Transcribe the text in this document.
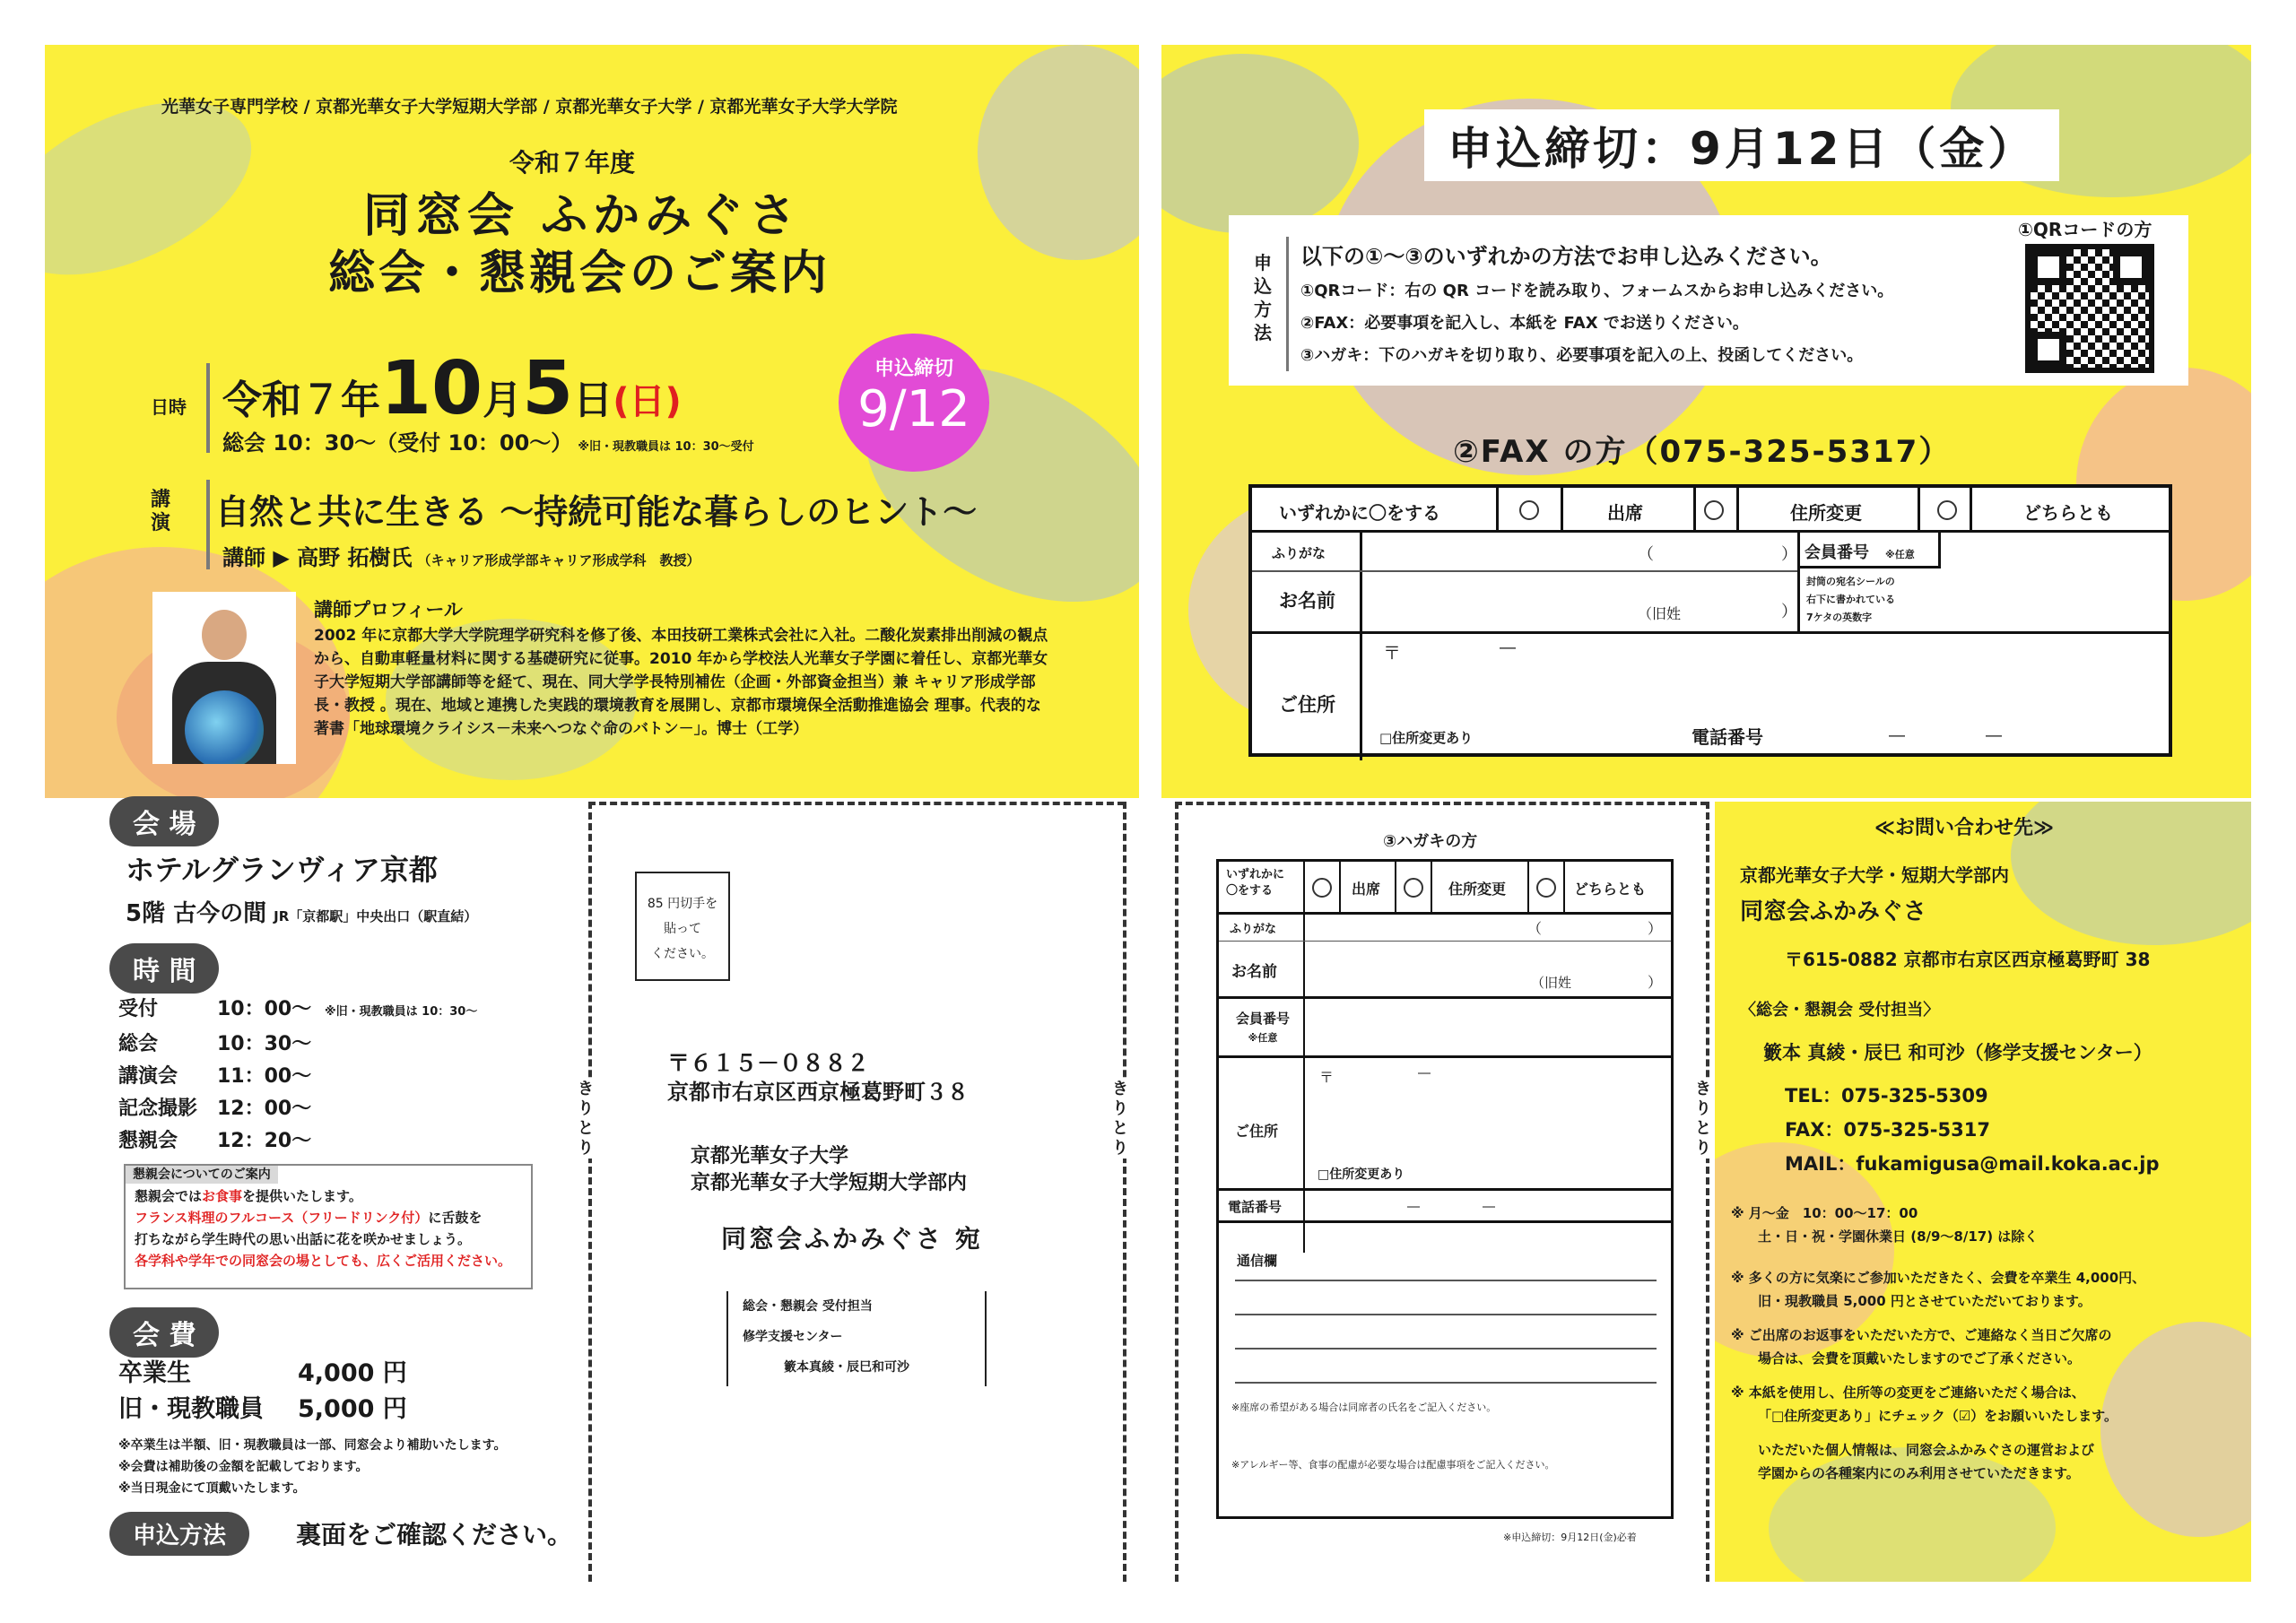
光華女子専門学校 / 京都光華女子大学短期大学部 / 京都光華女子大学 / 京都光華女子大学大学院
令和７年度
同窓会 ふかみぐさ
総会・懇親会のご案内
日時 令和７年10月5日(日)
総会 10：30～（受付 10：00～） ※旧・現教職員は 10：30～受付
申込締切
9/12
講演 自然と共に生きる 〜持続可能な暮らしのヒント〜
講師 ▶ 高野 拓樹氏 （キャリア形成学部キャリア形成学科　教授）
講師プロフィール
2002 年に京都大学大学院理学研究科を修了後、本田技研工業株式会社に入社。二酸化炭素排出削減の観点から、自動車軽量材料に関する基礎研究に従事。2010 年から学校法人光華女子学園に着任し、京都光華女子大学短期大学部講師等を経て、現在、同大学学長特別補佐（企画・外部資金担当）兼 キャリア形成学部長・教授 。現在、地域と連携した実践的環境教育を展開し、京都市環境保全活動推進協会 理事。代表的な著書「地球環境クライシス－未来へつなぐ命のバトン－」。博士（工学）
会 場
ホテルグランヴィア京都
5階 古今の間 JR「京都駅」中央出口（駅直結）
時 間
受付	10：00～ ※旧・現教職員は 10：30～
総会	10：30～
講演会 11：00～
記念撮影 12：00～
懇親会 12：20～
懇親会についてのご案内
懇親会ではお食事を提供いたします。
フランス料理のフルコース（フリードリンク付）に舌鼓を
打ちながら学生時代の思い出話に花を咲かせましょう。
各学科や学年での同窓会の場としても、広くご活用ください。
会 費
卒業生	4,000 円
旧・現教職員 5,000 円
※卒業生は半額、旧・現教職員は一部、同窓会より補助いたします。
※会費は補助後の金額を記載しております。
※当日現金にて頂戴いたします。
申込方法	裏面をご確認ください。
申込締切：9月12日（金）
申込方法
以下の①～③のいずれかの方法でお申し込みください。
①QRコード：右の QR コードを読み取り、フォームスからお申し込みください。
②FAX：必要事項を記入し、本紙を FAX でお送りください。
③ハガキ：下のハガキを切り取り、必要事項を記入の上、投函してください。
①QRコードの方
②FAX の方（075-325-5317）
いずれかに〇をする	出席	住所変更	どちらとも
ふりがな	（	）
お名前
（旧姓	）
会員番号 ※任意
封筒の宛名シールの
右下に書かれている
7ケタの英数字
ご住所
〒	―
□住所変更あり	電話番号	―　　　　　―
きりとり
きりとり
85 円切手を
貼って
ください。
〒６１５－０８８２
京都市右京区西京極葛野町３８
京都光華女子大学
京都光華女子大学短期大学部内
同窓会ふかみぐさ 宛
総会・懇親会 受付担当
修学支援センター
籔本真綾・辰巳和可沙
きりとり
③ハガキの方
いずれかに
〇をする	出席	住所変更	どちらとも
ふりがな	（	）
お名前
（旧姓	）
会員番号
※任意
ご住所
〒	―
□住所変更あり
電話番号	―　　　　　―
通信欄
※座席の希望がある場合は同席者の氏名をご記入ください。
※アレルギー等、食事の配慮が必要な場合は配慮事項をご記入ください。
※申込締切：9月12日(金)必着
≪お問い合わせ先≫
京都光華女子大学・短期大学部内
同窓会ふかみぐさ
〒615-0882 京都市右京区西京極葛野町 38
〈総会・懇親会 受付担当〉
籔本 真綾・辰巳 和可沙（修学支援センター）
TEL：075-325-5309
FAX：075-325-5317
MAIL：fukamigusa@mail.koka.ac.jp
※ 月～金　10：00～17：00
土・日・祝・学園休業日 (8/9～8/17) は除く
※ 多くの方に気楽にご参加いただきたく、会費を卒業生 4,000円、
旧・現教職員 5,000 円とさせていただいております。
※ ご出席のお返事をいただいた方で、ご連絡なく当日ご欠席の
場合は、会費を頂戴いたしますのでご了承ください。
※ 本紙を使用し、住所等の変更をご連絡いただく場合は、
「□住所変更あり」にチェック（☑）をお願いいたします。
いただいた個人情報は、同窓会ふかみぐさの運営および
学園からの各種案内にのみ利用させていただきます。
